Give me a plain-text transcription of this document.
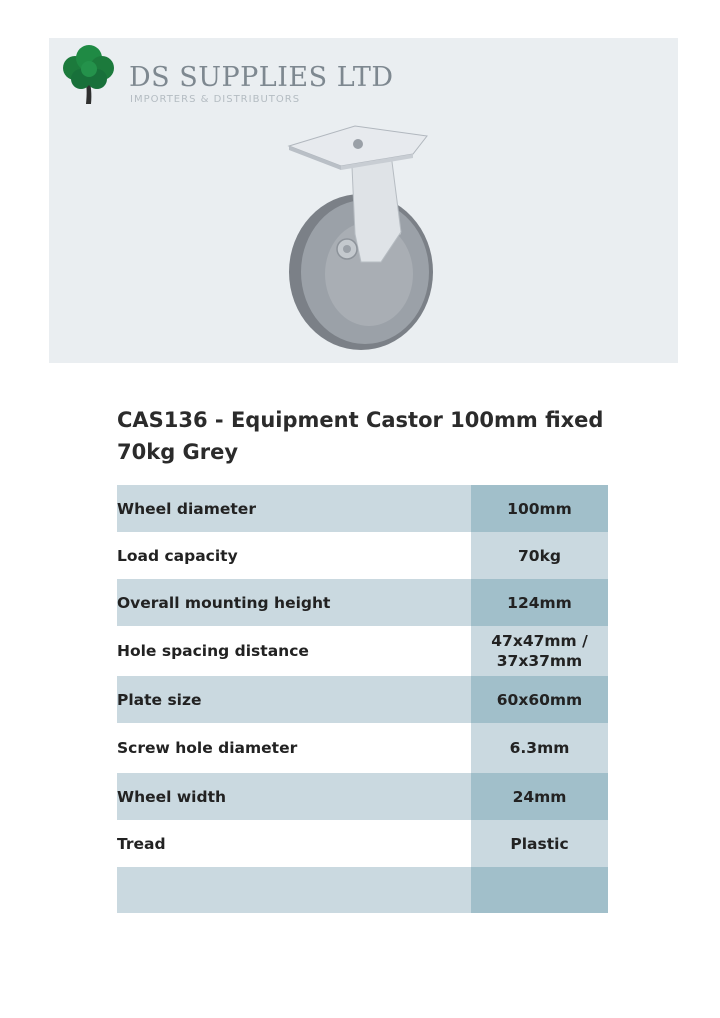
DS SUPPLIES LTD
IMPORTERS & DISTRIBUTORS
CAS136 - Equipment Castor 100mm fixed 70kg Grey
Wheel diameter	100mm
Load capacity	70kg
Overall mounting height	124mm
Hole spacing distance	47x47mm / 37x37mm
Plate size	60x60mm
Screw hole diameter	6.3mm
Wheel width	24mm
Tread	Plastic
